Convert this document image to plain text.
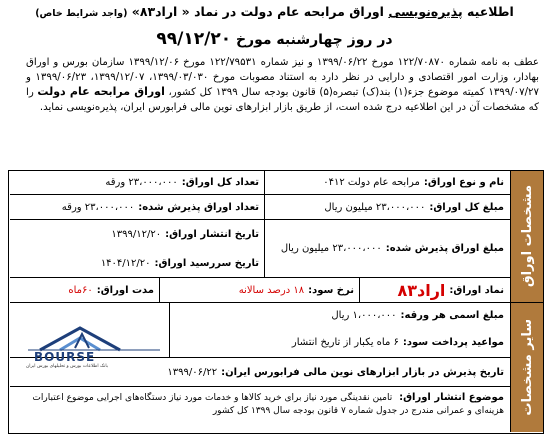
اطلاعیه پذیره‌نویسی اوراق مرابحه عام دولت در نماد « اراد۸۳» (واجد شرایط خاص)
در روز چهارشنبه مورخ ۹۹/۱۲/۲۰
عطف به نامه شماره ۱۲۲/۷۰۸۷۰ مورخ ۱۳۹۹/۰۶/۲۲ و نیز شماره ۱۲۲/۷۹۵۳۱ مورخ ۱۳۹۹/۱۲/۰۶ سازمان بورس و اوراق بهادار، وزارت امور اقتصادی و دارایی در نظر دارد به استناد مصوبات مورخ ۱۳۹۹/۰۳/۰۳۰، ۱۳۹۹/۱۲/۰۷، ۱۳۹۹/۰۶/۲۳ و ۱۳۹۹/۰۷/۲۷ کمیته موضوع جزء(۱) بند(ک) تبصره(۵) قانون بودجه سال ۱۳۹۹ کل کشور، اوراق مرابحه عام دولت را که مشخصات آن در این اطلاعیه درج شده است، از طریق بازار ابزارهای نوین مالی فرابورس ایران، پذیره‌نویسی نماید.
مشخصات اوراق
سایر مشخصات
نام و نوع اوراق:
مرابحه عام دولت ۰۴۱۲
تعداد کل اوراق:
۲۳،۰۰۰،۰۰۰ ورقه
مبلغ کل اوراق:
۲۳،۰۰۰،۰۰۰ میلیون ریال
تعداد اوراق پذیرش شده:
۲۳،۰۰۰،۰۰۰ ورقه
مبلغ اوراق پذیرش شده:
۲۳،۰۰۰،۰۰۰ میلیون ریال
تاریخ انتشار اوراق:
۱۳۹۹/۱۲/۲۰
تاریخ سررسید اوراق:
۱۴۰۴/۱۲/۲۰
نماد اوراق:
اراد۸۳
نرخ سود:
۱۸ درصد سالانه
مدت اوراق:
۶۰ماه
مبلغ اسمی هر ورقه:
۱،۰۰۰،۰۰۰ ریال
مواعید پرداخت سود:
۶ ماه یکبار از تاریخ انتشار
تاریخ پذیرش در بازار ابزارهای نوین مالی فرابورس ایران:
۱۳۹۹/۰۶/۲۲
موضوع انتشار اوراق: تامین نقدینگی مورد نیاز برای خرید کالاها و خدمات مورد نیاز دستگاه‌های اجرایی موضوع اعتبارات هزینه‌ای و عمرانی مندرج در جدول شماره ۷ قانون بودجه سال ۱۳۹۹ کل کشور
BOURSE
بانک اطلاعات بورس و تحلیلهای بورس ایران
